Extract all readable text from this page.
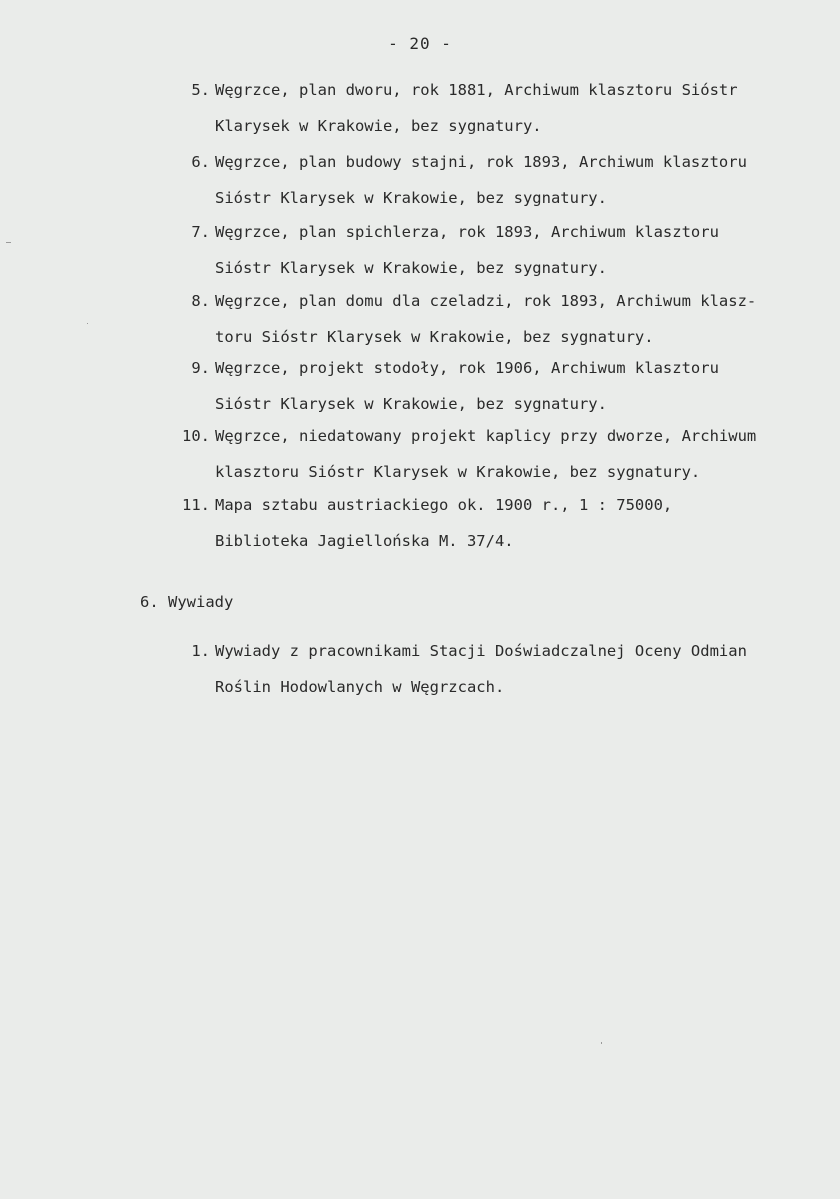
- 20 -
5. Węgrzce, plan dworu, rok 1881, Archiwum klasztoru Sióstr
Klarysek w Krakowie, bez sygnatury.
6. Węgrzce, plan budowy stajni, rok 1893, Archiwum klasztoru
Sióstr Klarysek w Krakowie, bez sygnatury.
7. Węgrzce, plan spichlerza, rok 1893, Archiwum klasztoru
Sióstr Klarysek w Krakowie, bez sygnatury.
8. Węgrzce, plan domu dla czeladzi, rok 1893, Archiwum klasz-
toru Sióstr Klarysek w Krakowie, bez sygnatury.
9. Węgrzce, projekt stodoły, rok 1906, Archiwum klasztoru
Sióstr Klarysek w Krakowie, bez sygnatury.
10. Węgrzce, niedatowany projekt kaplicy przy dworze, Archiwum
klasztoru Sióstr Klarysek w Krakowie, bez sygnatury.
11. Mapa sztabu austriackiego ok. 1900 r., 1 : 75000,
Biblioteka Jagiellońska M. 37/4.
6. Wywiady
1. Wywiady z pracownikami Stacji Doświadczalnej Oceny Odmian
Roślin Hodowlanych w Węgrzcach.
